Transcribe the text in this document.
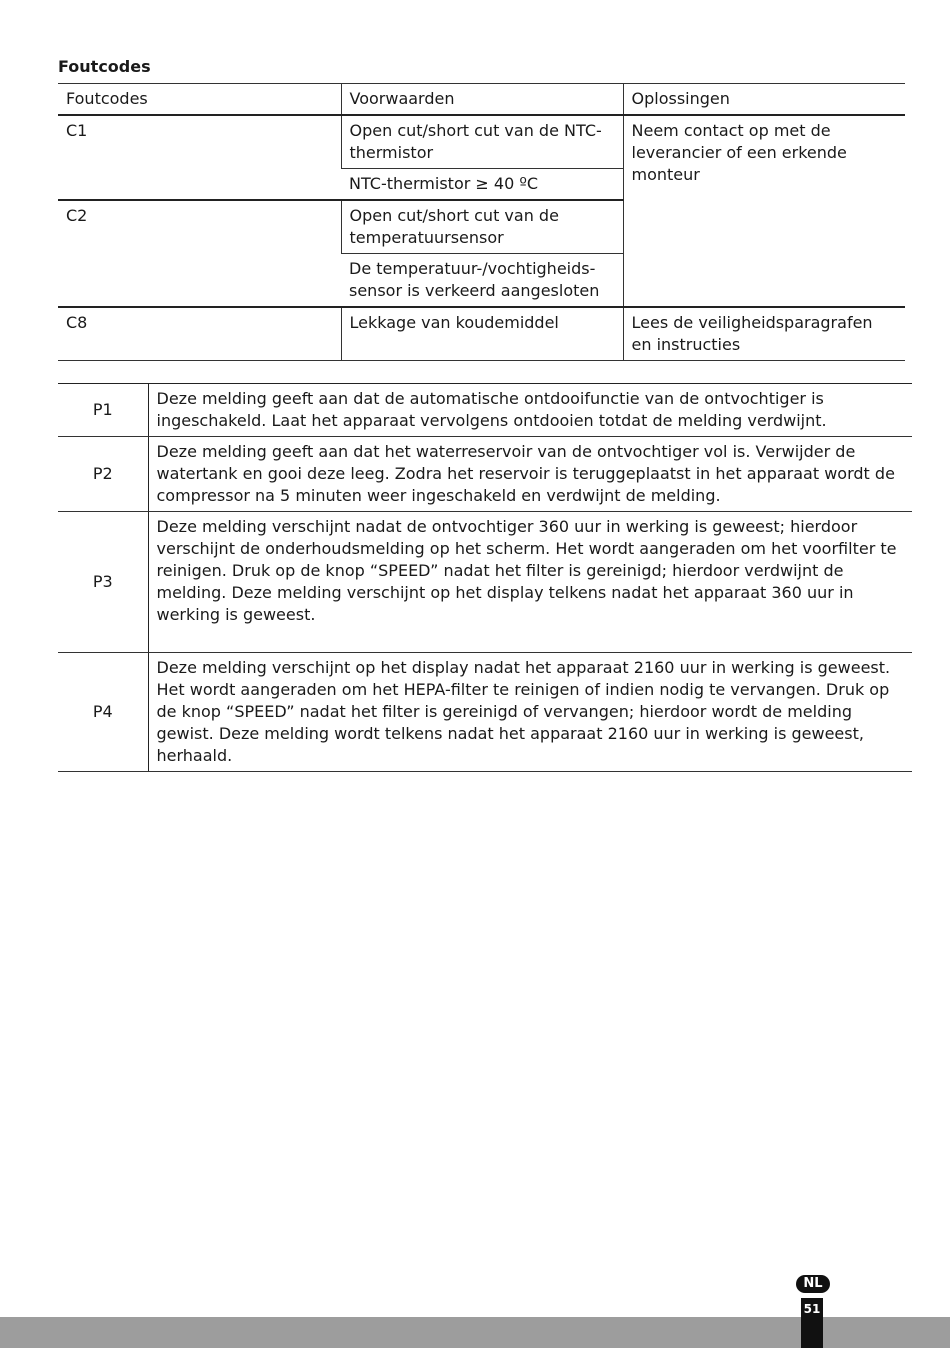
Foutcodes
Foutcodes	Voorwaarden	Oplossingen
C1	Open cut/short cut van de NTC-thermistor	Neem contact op met de leverancier of een erkende monteur
	NTC-thermistor ≥ 40 ºC	
C2	Open cut/short cut van de temperatuursensor	
	De temperatuur-/vochtigheids-sensor is verkeerd aangesloten	
C8	Lekkage van koudemiddel	Lees de veiligheidsparagrafen en instructies
P1	Deze melding geeft aan dat de automatische ontdooifunctie van de ontvochtiger is ingeschakeld. Laat het apparaat vervolgens ontdooien totdat de melding verdwijnt.
P2	Deze melding geeft aan dat het waterreservoir van de ontvochtiger vol is. Verwijder de watertank en gooi deze leeg. Zodra het reservoir is teruggeplaatst in het apparaat wordt de compressor na 5 minuten weer ingeschakeld en verdwijnt de melding.
P3	Deze melding verschijnt nadat de ontvochtiger 360 uur in werking is geweest; hierdoor verschijnt de onderhoudsmelding op het scherm. Het wordt aangeraden om het voorfilter te reinigen. Druk op de knop “SPEED” nadat het filter is gereinigd; hierdoor verdwijnt de melding. Deze melding verschijnt op het display telkens nadat het apparaat 360 uur in werking is geweest.
P4	Deze melding verschijnt op het display nadat het apparaat 2160 uur in werking is geweest. Het wordt aangeraden om het HEPA-filter te reinigen of indien nodig te vervangen. Druk op de knop “SPEED” nadat het filter is gereinigd of vervangen; hierdoor wordt de melding gewist. Deze melding wordt telkens nadat het apparaat 2160 uur in werking is geweest, herhaald.
NL
51
